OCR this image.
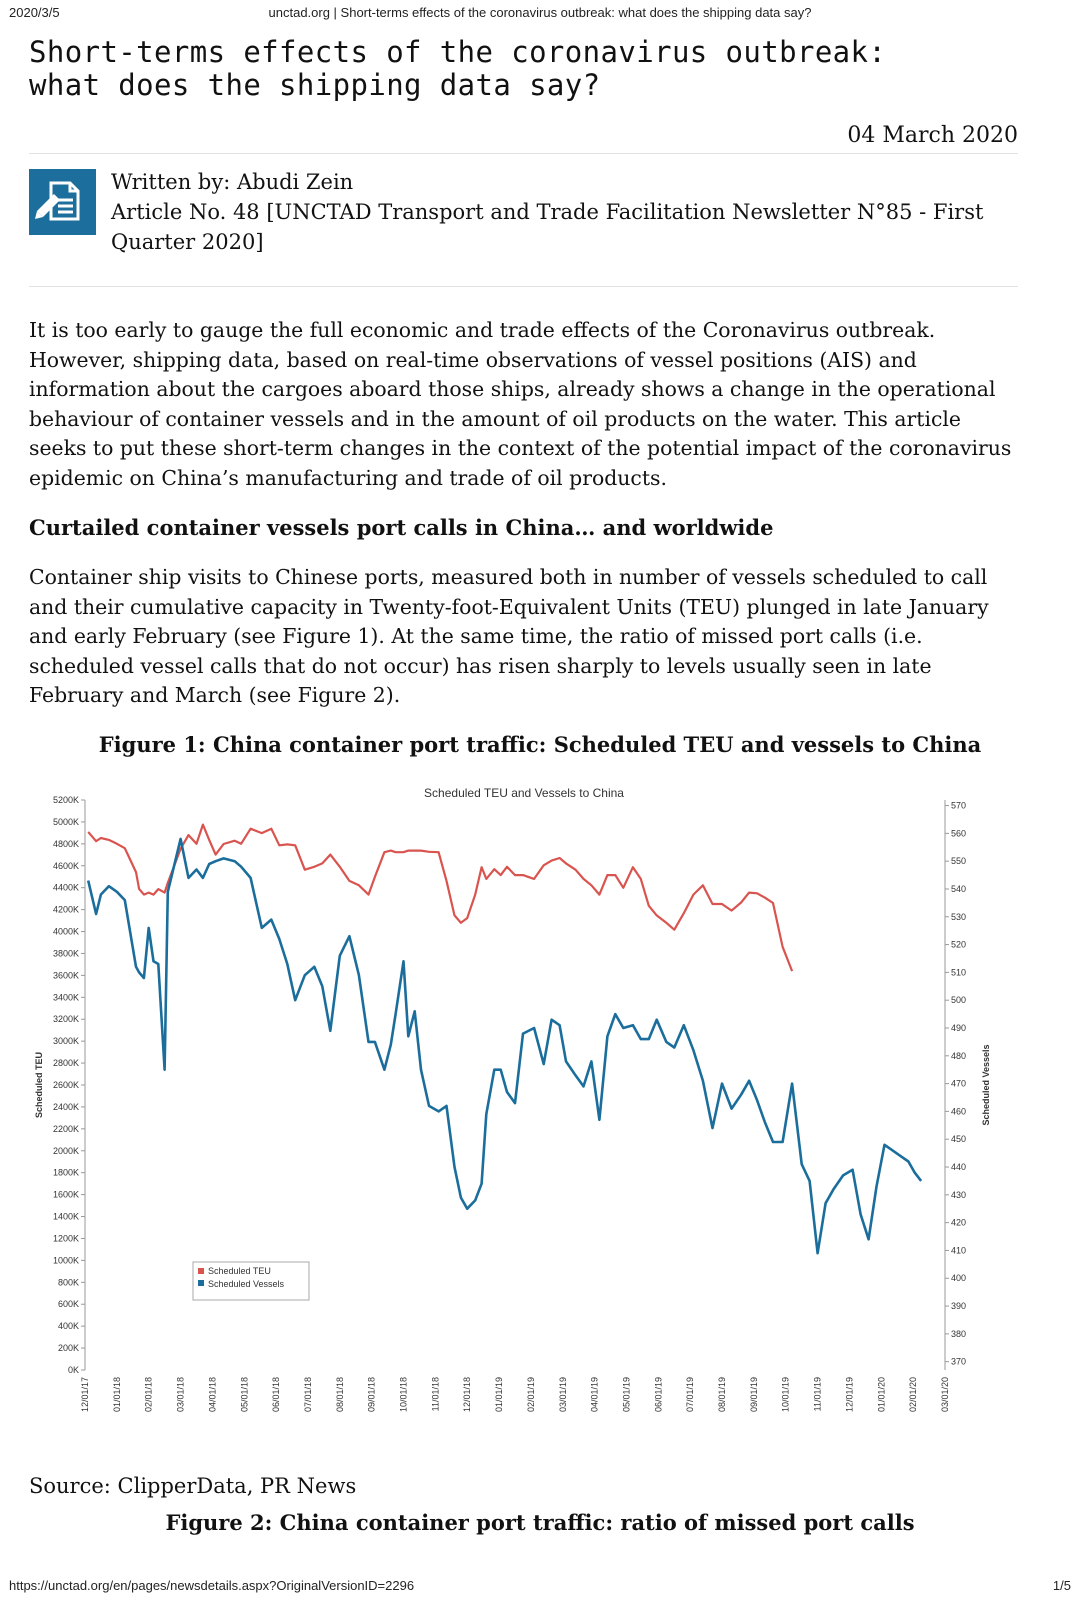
2020/3/5	unctad.org | Short-terms effects of the coronavirus outbreak: what does the shipping data say?
Short-terms effects of the coronavirus outbreak:
what does the shipping data say?
04 March 2020
Written by: Abudi Zein
Article No. 48 [UNCTAD Transport and Trade Facilitation Newsletter N°85 - First Quarter 2020]

It is too early to gauge the full economic and trade effects of the Coronavirus outbreak. However, shipping data, based on real-time observations of vessel positions (AIS) and information about the cargoes aboard those ships, already shows a change in the operational behaviour of container vessels and in the amount of oil products on the water. This article seeks to put these short-term changes in the context of the potential impact of the coronavirus epidemic on China’s manufacturing and trade of oil products.

Curtailed container vessels port calls in China… and worldwide

Container ship visits to Chinese ports, measured both in number of vessels scheduled to call and their cumulative capacity in Twenty-foot-Equivalent Units (TEU) plunged in late January and early February (see Figure 1). At the same time, the ratio of missed port calls (i.e. scheduled vessel calls that do not occur) has risen sharply to levels usually seen in late February and March (see Figure 2).

Figure 1: China container port traffic: Scheduled TEU and vessels to China
Scheduled TEU and Vessels to China
0K
200K
400K
600K
800K
1000K
1200K
1400K
1600K
1800K
2000K
2200K
2400K
2600K
2800K
3000K
3200K
3400K
3600K
3800K
4000K
4200K
4400K
4600K
4800K
5000K
5200K
370
380
390
400
410
420
430
440
450
460
470
480
490
500
510
520
530
540
550
560
570
12/01/17 01/01/18 02/01/18 03/01/18 04/01/18 05/01/18 06/01/18 07/01/18 08/01/18 09/01/18 10/01/18 11/01/18 12/01/18 01/01/19 02/01/19 03/01/19 04/01/19 05/01/19 06/01/19 07/01/19 08/01/19 09/01/19 10/01/19 11/01/19 12/01/19 01/01/20 02/01/20 03/01/20
Scheduled TEU	Scheduled Vessels
Scheduled TEU
Scheduled Vessels
Source: ClipperData, PR News
Figure 2: China container port traffic: ratio of missed port calls
https://unctad.org/en/pages/newsdetails.aspx?OriginalVersionID=2296	1/5
